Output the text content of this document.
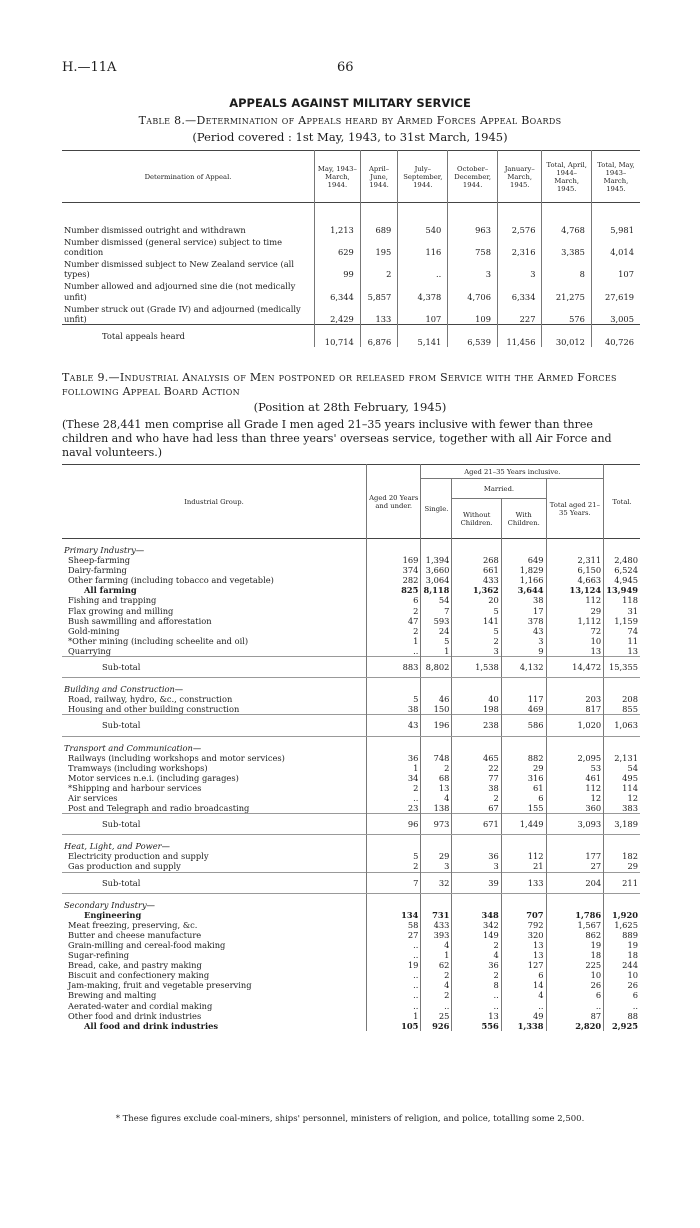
H.—11A	66
APPEALS AGAINST MILITARY SERVICE
Table 8.—Determination of Appeals heard by Armed Forces Appeal Boards
(Period covered : 1st May, 1943, to 31st March, 1945)
Determination of Appeal.	May, 1943–March, 1944.	April–June, 1944.	July–September, 1944.	October–December, 1944.	January–March, 1945.	Total, April, 1944–March, 1945.	Total, May, 1943–March, 1945.
Number dismissed outright and withdrawn	1,213	689	540	963	2,576	4,768	5,981
Number dismissed (general service) subject to time condition	629	195	116	758	2,316	3,385	4,014
Number dismissed subject to New Zealand service (all types)	99	2	..	3	3	8	107
Number allowed and adjourned sine die (not medically unfit)	6,344	5,857	4,378	4,706	6,334	21,275	27,619
Number struck out (Grade IV) and adjourned (medically unfit)	2,429	133	107	109	227	576	3,005
Total appeals heard	10,714	6,876	5,141	6,539	11,456	30,012	40,726
Table 9.—Industrial Analysis of Men postponed or released from Service with the Armed Forces following Appeal Board Action
(Position at 28th February, 1945)
(These 28,441 men comprise all Grade I men aged 21–35 years inclusive with fewer than three children and who have had less than three years' overseas service, together with all Air Force and naval volunteers.)
Industrial Group.	Aged 20 Years and under.	Aged 21–35 Years inclusive.				Total.
		Single.	Married.		Total aged 21–35 Years.	
			Without Children.	With Children.		
Primary Industry—						
Sheep-farming	169	1,394	268	649	2,311	2,480
Dairy-farming	374	3,660	661	1,829	6,150	6,524
Other farming (including tobacco and vegetable)	282	3,064	433	1,166	4,663	4,945
All farming	825	8,118	1,362	3,644	13,124	13,949
Fishing and trapping	6	54	20	38	112	118
Flax growing and milling	2	7	5	17	29	31
Bush sawmilling and afforestation	47	593	141	378	1,112	1,159
Gold-mining	2	24	5	43	72	74
*Other mining (including scheelite and oil)	1	5	2	3	10	11
Quarrying	..	1	3	9	13	13
Sub-total	883	8,802	1,538	4,132	14,472	15,355
Building and Construction—						
Road, railway, hydro, &c., construction	5	46	40	117	203	208
Housing and other building construction	38	150	198	469	817	855
Sub-total	43	196	238	586	1,020	1,063
Transport and Communication—						
Railways (including workshops and motor services)	36	748	465	882	2,095	2,131
Tramways (including workshops)	1	2	22	29	53	54
Motor services n.e.i. (including garages)	34	68	77	316	461	495
*Shipping and harbour services	2	13	38	61	112	114
Air services	..	4	2	6	12	12
Post and Telegraph and radio broadcasting	23	138	67	155	360	383
Sub-total	96	973	671	1,449	3,093	3,189
Heat, Light, and Power—						
Electricity production and supply	5	29	36	112	177	182
Gas production and supply	2	3	3	21	27	29
Sub-total	7	32	39	133	204	211
Secondary Industry—						
Engineering	134	731	348	707	1,786	1,920
Meat freezing, preserving, &c.	58	433	342	792	1,567	1,625
Butter and cheese manufacture	27	393	149	320	862	889
Grain-milling and cereal-food making	..	4	2	13	19	19
Sugar-refining	..	1	4	13	18	18
Bread, cake, and pastry making	19	62	36	127	225	244
Biscuit and confectionery making	..	2	2	6	10	10
Jam-making, fruit and vegetable preserving	..	4	8	14	26	26
Brewing and malting	..	2	..	4	6	6
Aerated-water and cordial making	..	..	..	..	..	..
Other food and drink industries	1	25	13	49	87	88
All food and drink industries	105	926	556	1,338	2,820	2,925
* These figures exclude coal-miners, ships' personnel, ministers of religion, and police, totalling some 2,500.
